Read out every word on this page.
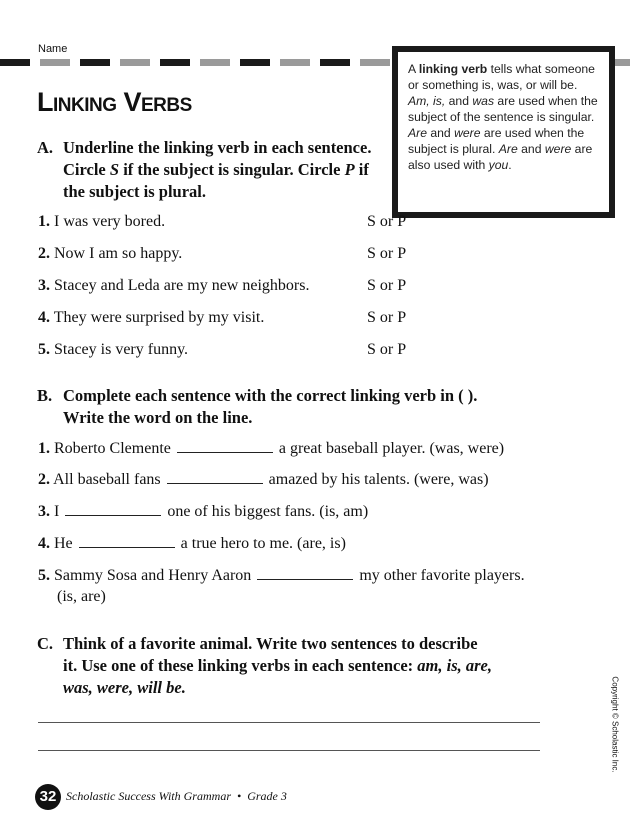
Name
Linking Verbs
A linking verb tells what someone or something is, was, or will be. Am, is, and was are used when the subject of the sentence is singular. Are and were are used when the subject is plural. Are and were are also used with you.
A. Underline the linking verb in each sentence.
Circle S if the subject is singular. Circle P if
the subject is plural.
1. I was very bored.	S or P
2. Now I am so happy.	S or P
3. Stacey and Leda are my new neighbors.	S or P
4. They were surprised by my visit.	S or P
5. Stacey is very funny.	S or P
B. Complete each sentence with the correct linking verb in ( ).
Write the word on the line.
1. Roberto Clemente	a great baseball player. (was, were)
2. All baseball fans	amazed by his talents. (were, was)
3. I	one of his biggest fans. (is, am)
4. He	a true hero to me. (are, is)
5. Sammy Sosa and Henry Aaron	my other favorite players.
(is, are)
C. Think of a favorite animal. Write two sentences to describe
it. Use one of these linking verbs in each sentence: am, is, are,
was, were, will be.	Copyright © Scholastic Inc.
32 Scholastic Success With Grammar • Grade 3
